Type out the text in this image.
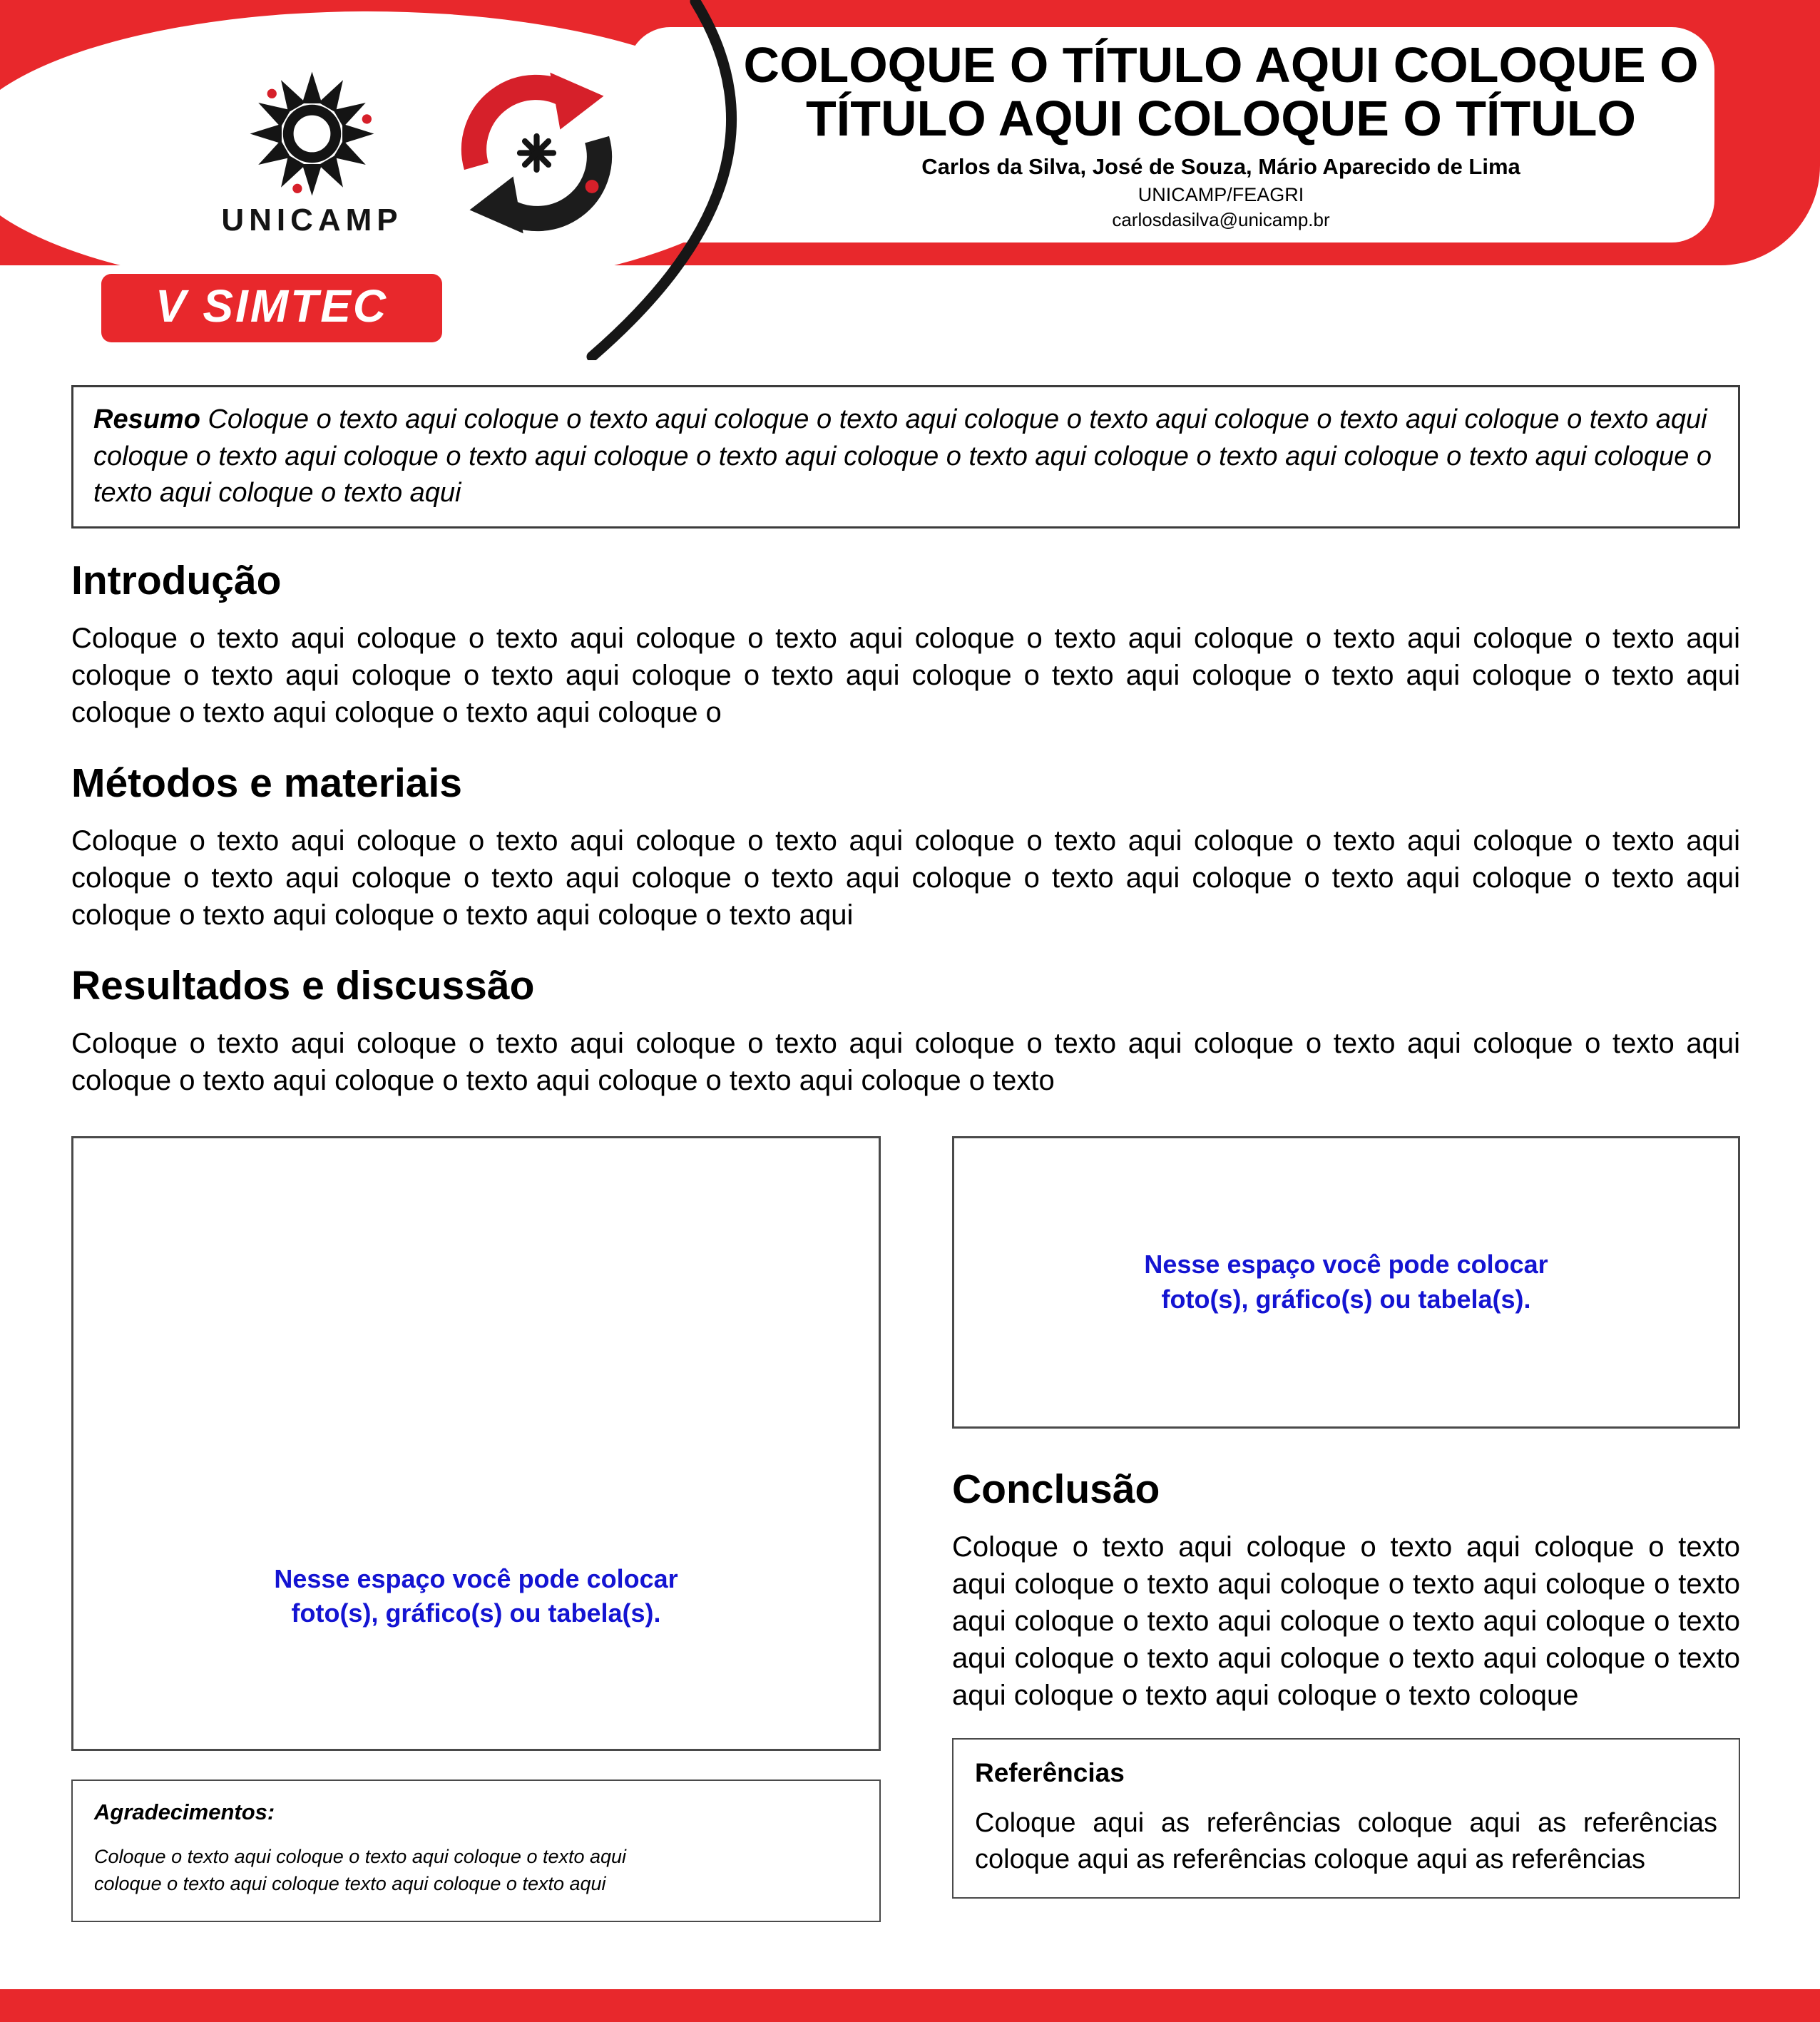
COLOQUE O TÍTULO AQUI COLOQUE O TÍTULO AQUI COLOQUE O TÍTULO
Carlos da Silva, José de Souza, Mário Aparecido de Lima
UNICAMP/FEAGRI
carlosdasilva@unicamp.br
UNICAMP
V SIMTEC

Resumo Coloque o texto aqui coloque o texto aqui coloque o texto aqui coloque o texto aqui coloque o texto aqui coloque o texto aqui coloque o texto aqui coloque o texto aqui coloque o texto aqui coloque o texto aqui coloque o texto aqui coloque o texto aqui coloque o texto aqui coloque o texto aqui

Introdução

Coloque o texto aqui coloque o texto aqui coloque o texto aqui coloque o texto aqui coloque o texto aqui coloque o texto aqui coloque o texto aqui coloque o texto aqui coloque o texto aqui coloque o texto aqui coloque o texto aqui coloque o texto aqui coloque o texto aqui coloque o texto aqui coloque o

Métodos e materiais

Coloque o texto aqui coloque o texto aqui coloque o texto aqui coloque o texto aqui coloque o texto aqui coloque o texto aqui coloque o texto aqui coloque o texto aqui coloque o texto aqui coloque o texto aqui coloque o texto aqui coloque o texto aqui coloque o texto aqui coloque o texto aqui coloque o texto aqui

Resultados e discussão

Coloque o texto aqui coloque o texto aqui coloque o texto aqui coloque o texto aqui coloque o texto aqui coloque o texto aqui coloque o texto aqui coloque o texto aqui coloque o texto aqui coloque o texto

Nesse espaço você pode colocar foto(s), gráfico(s) ou tabela(s).
Agradecimentos:

Coloque o texto aqui coloque o texto aqui coloque o texto aqui coloque o texto aqui coloque texto aqui coloque o texto aqui

Nesse espaço você pode colocar foto(s), gráfico(s) ou tabela(s).
Conclusão

Coloque o texto aqui coloque o texto aqui coloque o texto aqui coloque o texto aqui coloque o texto aqui coloque o texto aqui coloque o texto aqui coloque o texto aqui coloque o texto aqui coloque o texto aqui coloque o texto aqui coloque o texto aqui coloque o texto aqui coloque o texto coloque

Referências

Coloque aqui as referências coloque aqui as referências coloque aqui as referências coloque aqui as referências
